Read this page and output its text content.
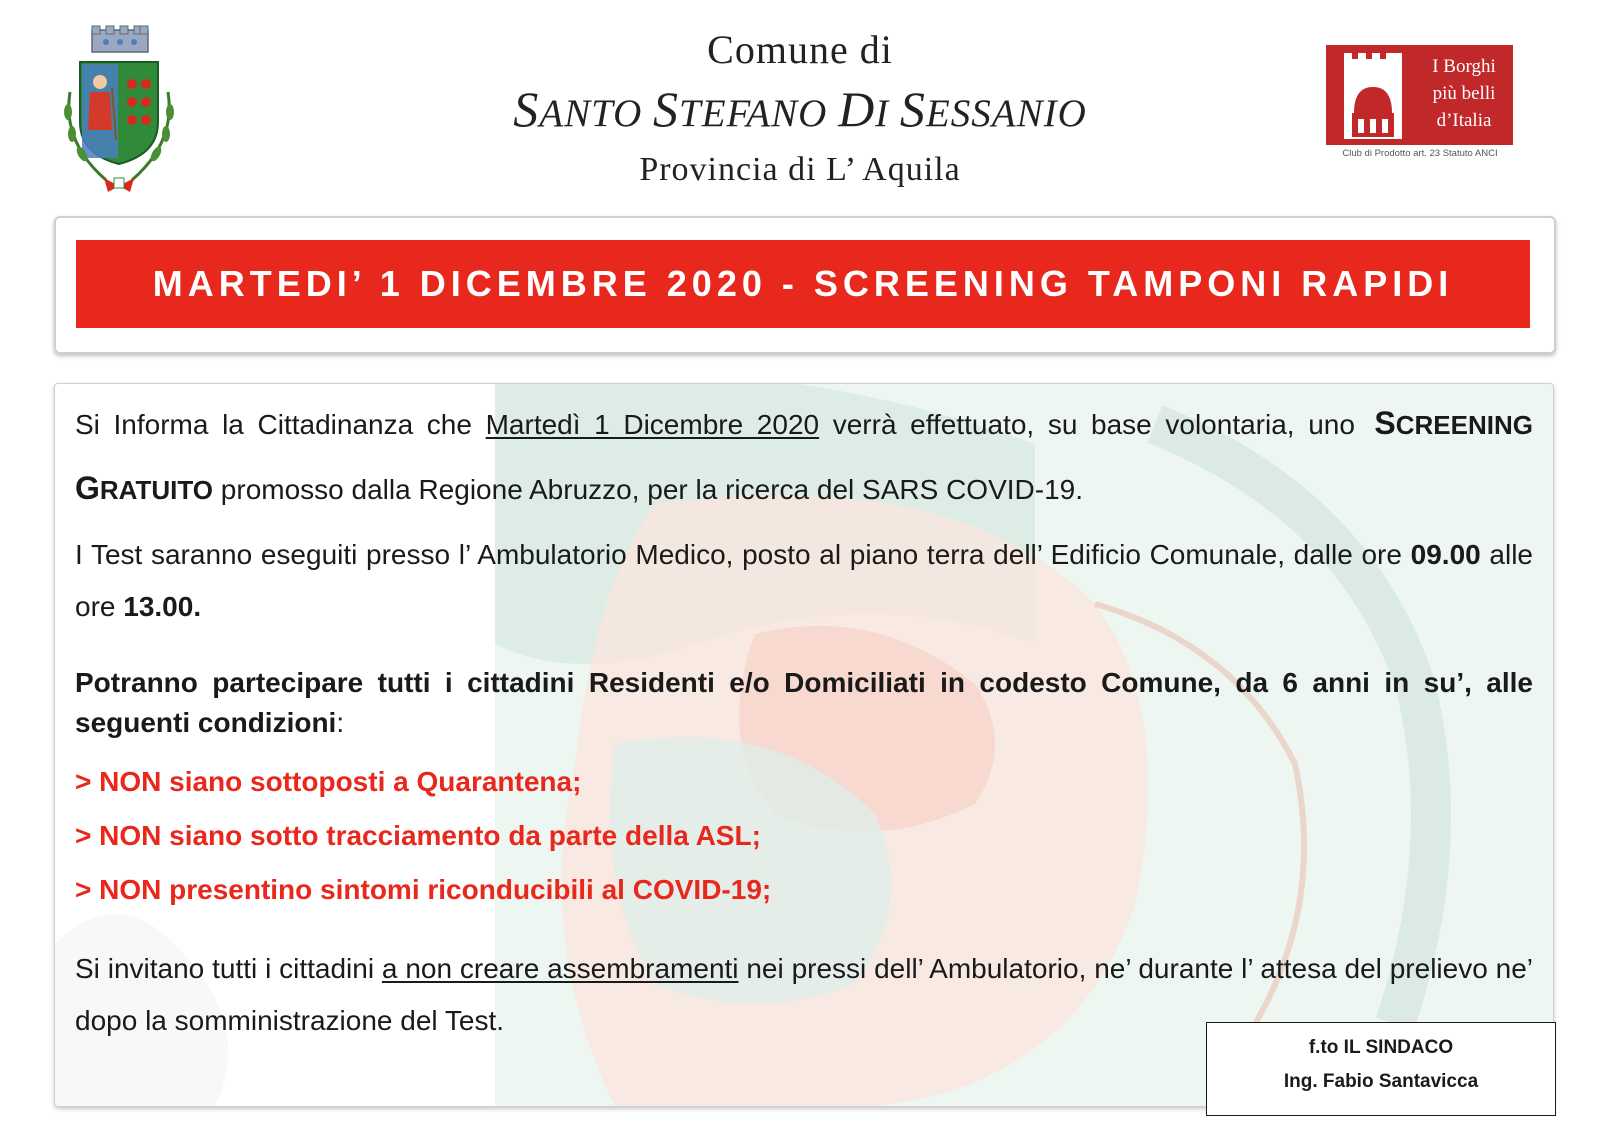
Comune di
SANTO STEFANO DI SESSANIO
Provincia di L’ Aquila
I Borghi
più belli
d’Italia
Club di Prodotto art. 23 Statuto ANCI
MARTEDI’ 1 DICEMBRE 2020 - SCREENING TAMPONI RAPIDI

Si Informa la Cittadinanza che Martedì 1 Dicembre 2020 verrà effettuato, su base volontaria, uno SCREENING GRATUITO promosso dalla Regione Abruzzo, per la ricerca del SARS COVID-19.

I Test saranno eseguiti presso l’ Ambulatorio Medico, posto al piano terra dell’ Edificio Comunale, dalle ore 09.00 alle ore 13.00.

Potranno partecipare tutti i cittadini Residenti e/o Domiciliati in codesto Comune, da 6 anni in su’, alle seguenti condizioni:

> NON siano sottoposti a Quarantena;

> NON siano sotto tracciamento da parte della ASL;

> NON presentino sintomi riconducibili al COVID-19;

Si invitano tutti i cittadini a non creare assembramenti nei pressi dell’ Ambulatorio, ne’ durante l’ attesa del prelievo ne’ dopo la somministrazione del Test.

f.to IL SINDACO
Ing. Fabio Santavicca
